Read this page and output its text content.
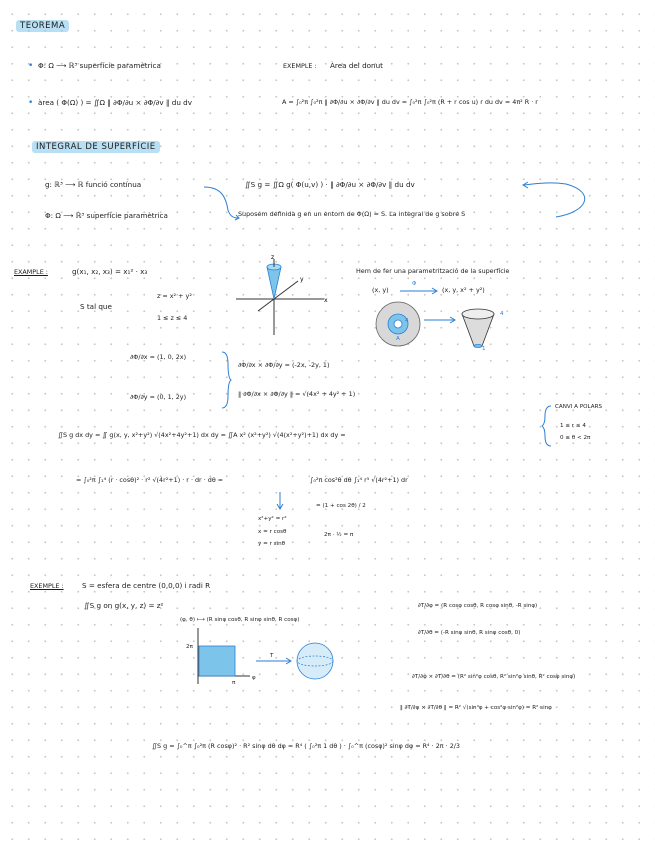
TEOREMA
• Φ: Ω ⟶ ℝ³ superfície paramètrica
• àrea ( Φ(Ω) ) = ∬Ω ‖ ∂Φ/∂u × ∂Φ/∂v ‖ du dv
EXEMPLE : Àrea del donut
A = ∫₀²π ∫₀²π ‖ ∂Φ/∂u × ∂Φ/∂v ‖ du dv = ∫₀²π ∫₀²π (R + r cos u) r du dv = 4π² R · r
INTEGRAL DE SUPERFÍCIE
g: ℝ³ ⟶ ℝ funció contínua
Φ: Ω ⟶ ℝ³ superfície paramètrica
∬S g = ∬Ω g( Φ(u,v) ) · ‖ ∂Φ/∂u × ∂Φ/∂v ‖ du dv
Suposem definida g en un entorn de Φ(Ω) = S. La integral de g sobre S
EXAMPLE :	g(x₁, x₂, x₃) = x₁² · x₃
S tal que
z = x² + y²
1 ≤ z ≤ 4
z
y
x
Hem de fer una parametrització de la superfície
(x, y)
Φ
(x, y, x² + y²)
A
4
4
1
∂Φ/∂x = (1, 0, 2x)
∂Φ/∂y = (0, 1, 2y)
∂Φ/∂x × ∂Φ/∂y = (-2x, -2y, 1)
‖ ∂Φ/∂x × ∂Φ/∂y ‖ = √(4x² + 4y² + 1)
∬S g dx dy = ∬ g(x, y, x²+y²) √(4x²+4y²+1) dx dy = ∬A x² (x²+y²) √(4(x²+y²)+1) dx dy =
CANVI A POLARS
1 ≤ r ≤ 4
0 ≤ θ < 2π
= ∫₀²π ∫₁⁴ (r · cosθ)² · r² √(4r²+1) · r · dr · dθ =	∫₀²π cos²θ dθ ∫₁⁴ r⁵ √(4r²+1) dr
x²+y² = r²
x = r cosθ
y = r sinθ
= (1 + cos 2θ) / 2
2π · ½ = π
EXEMPLE :	S = esfera de centre (0,0,0) i radi R
∬S g on g(x, y, z) = z²
(φ, θ) ⟼ (R sinφ cosθ, R sinφ sinθ, R cosφ)
2π
π
φ
T
∂T/∂φ = (R cosφ cosθ, R cosφ sinθ, -R sinφ)
∂T/∂θ = (-R sinφ sinθ, R sinφ cosθ, 0)
∂T/∂φ × ∂T/∂θ = (R² sin²φ cosθ, R² sin²φ sinθ, R² cosφ sinφ)
‖ ∂T/∂φ × ∂T/∂θ ‖ = R² √(sin⁴φ + cos²φ sin²φ) = R² sinφ
∬S g = ∫₀^π ∫₀²π (R cosφ)² · R² sinφ dθ dφ = R⁴ ( ∫₀²π 1 dθ ) · ∫₀^π (cosφ)² sinφ dφ = R⁴ · 2π · 2/3
